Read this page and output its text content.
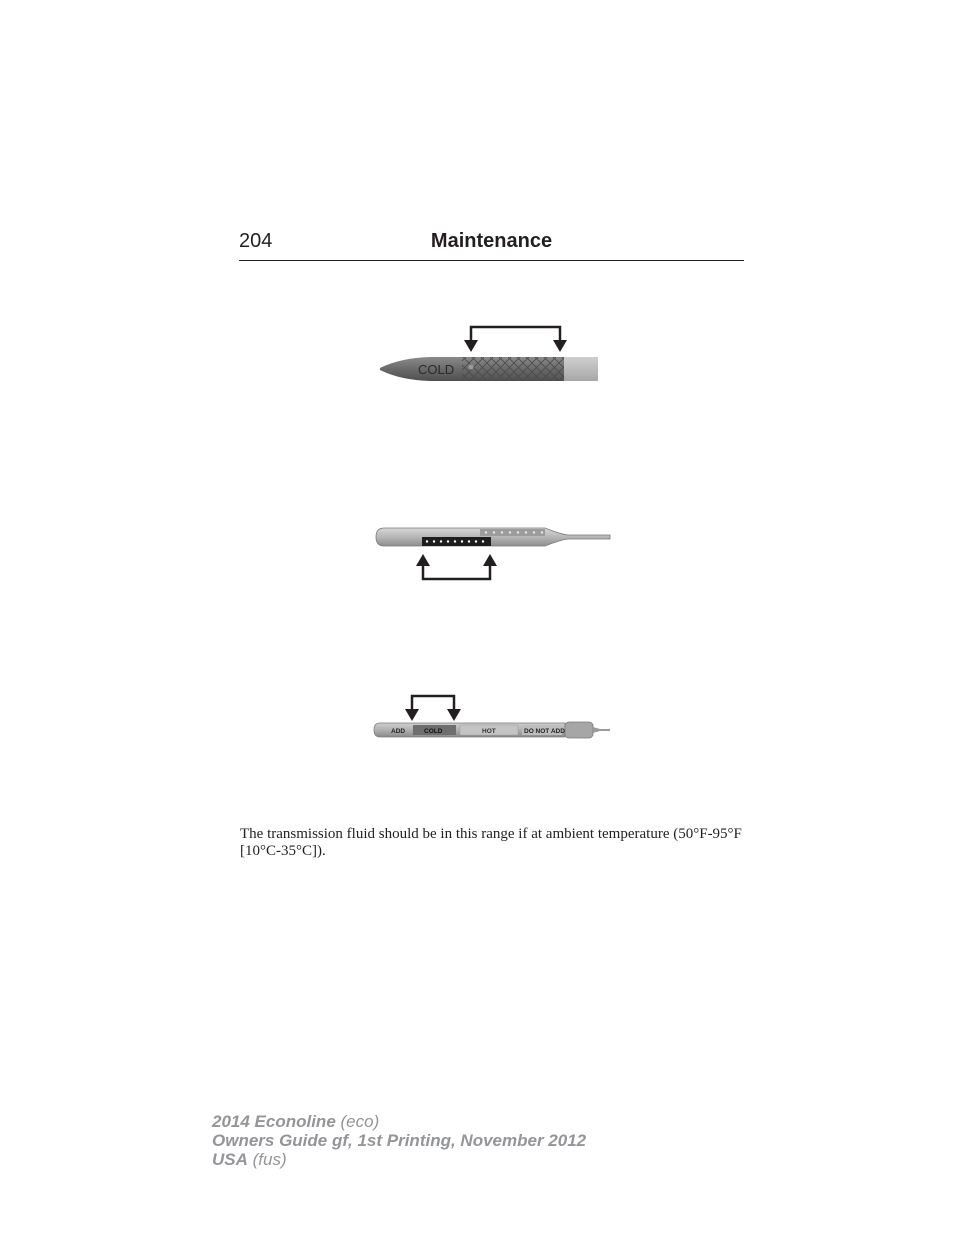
204	Maintenance
COLD
ADD	COLD	HOT	DO NOT ADD

The transmission fluid should be in this range if at ambient temperature (50°F-95°F [10°C-35°C]).

2014 Econoline (eco)
Owners Guide gf, 1st Printing, November 2012
USA (fus)
